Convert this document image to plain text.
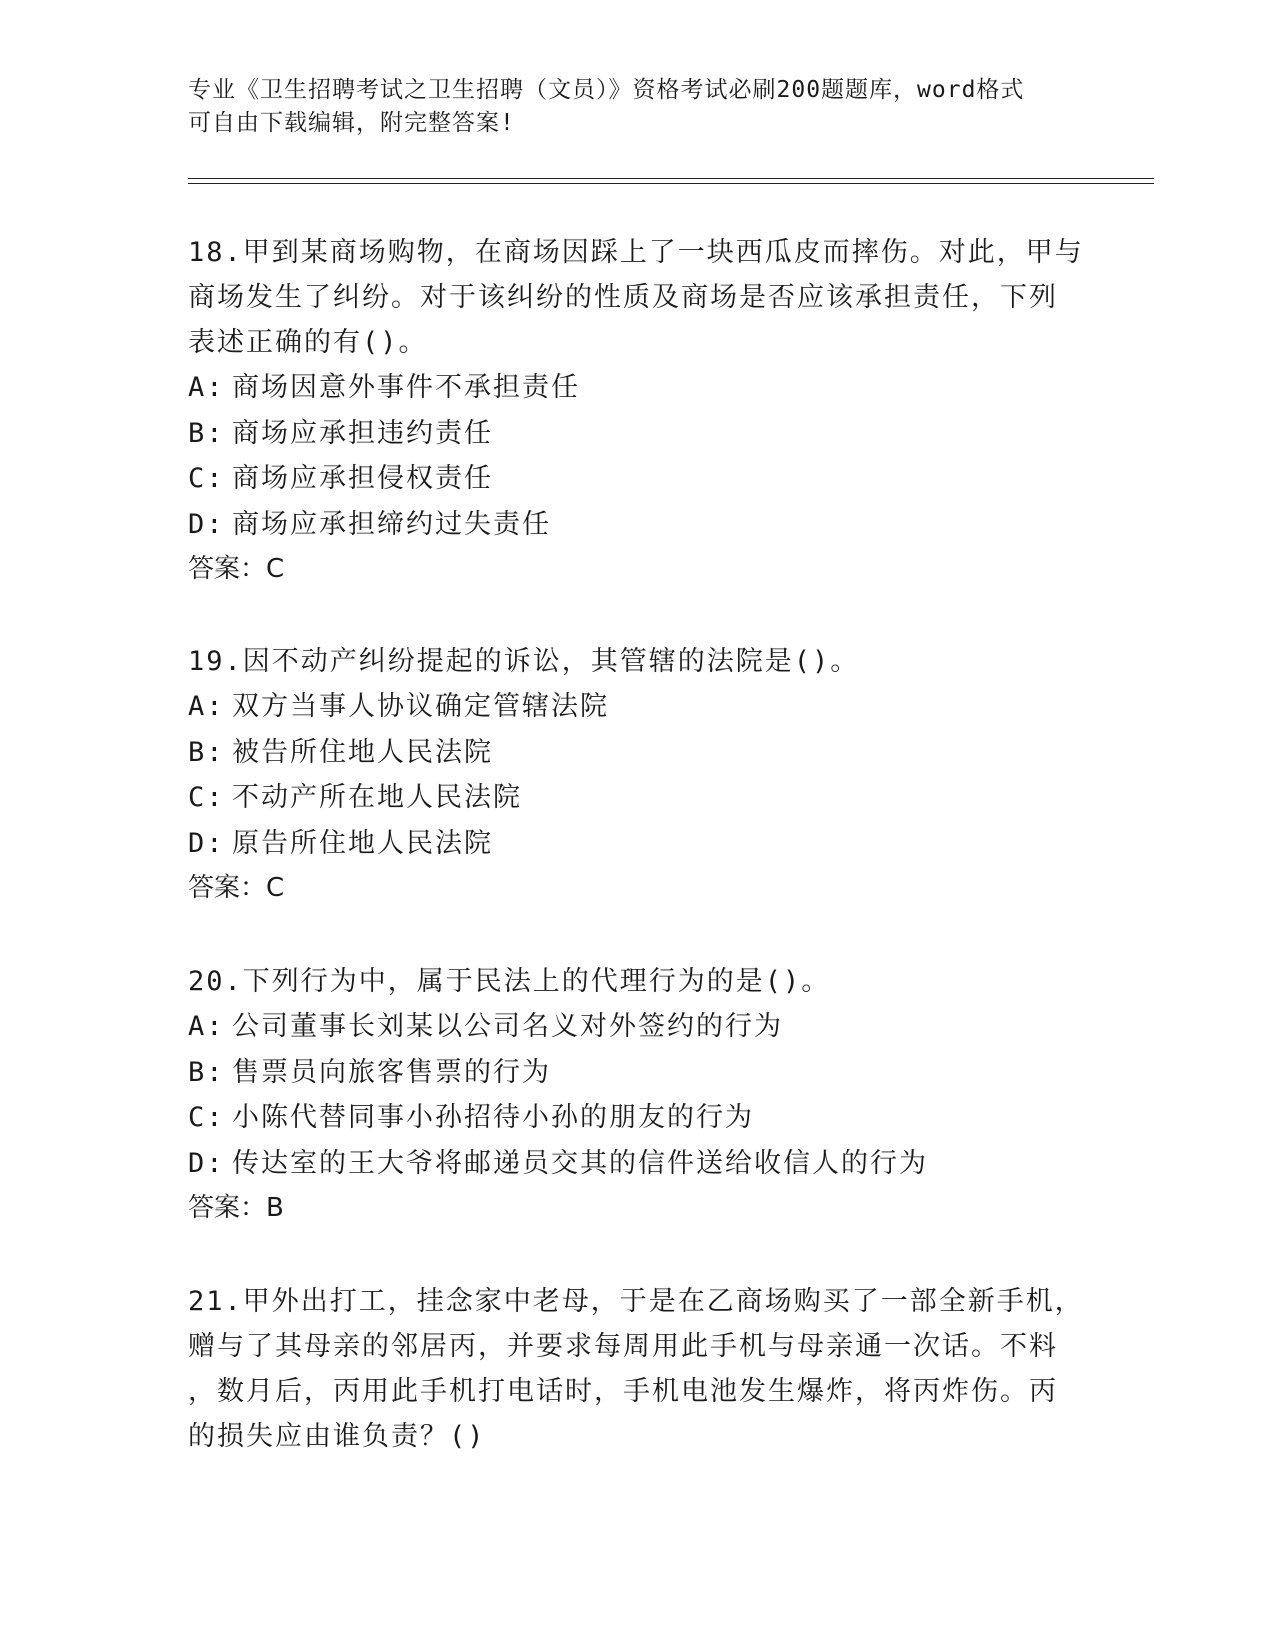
专业《卫生招聘考试之卫生招聘（文员）》资格考试必刷200题题库，word格式
可自由下载编辑，附完整答案!
18.甲到某商场购物，在商场因踩上了一块西瓜皮而摔伤。对此，甲与
商场发生了纠纷。对于该纠纷的性质及商场是否应该承担责任，下列
表述正确的有()。
A: 商场因意外事件不承担责任
B: 商场应承担违约责任
C: 商场应承担侵权责任
D: 商场应承担缔约过失责任
答案：C
19.因不动产纠纷提起的诉讼，其管辖的法院是()。
A: 双方当事人协议确定管辖法院
B: 被告所住地人民法院
C: 不动产所在地人民法院
D: 原告所住地人民法院
答案：C
20.下列行为中，属于民法上的代理行为的是()。
A: 公司董事长刘某以公司名义对外签约的行为
B: 售票员向旅客售票的行为
C: 小陈代替同事小孙招待小孙的朋友的行为
D: 传达室的王大爷将邮递员交其的信件送给收信人的行为
答案：B
21.甲外出打工，挂念家中老母，于是在乙商场购买了一部全新手机，
赠与了其母亲的邻居丙，并要求每周用此手机与母亲通一次话。不料
，数月后，丙用此手机打电话时，手机电池发生爆炸，将丙炸伤。丙
的损失应由谁负责？()
